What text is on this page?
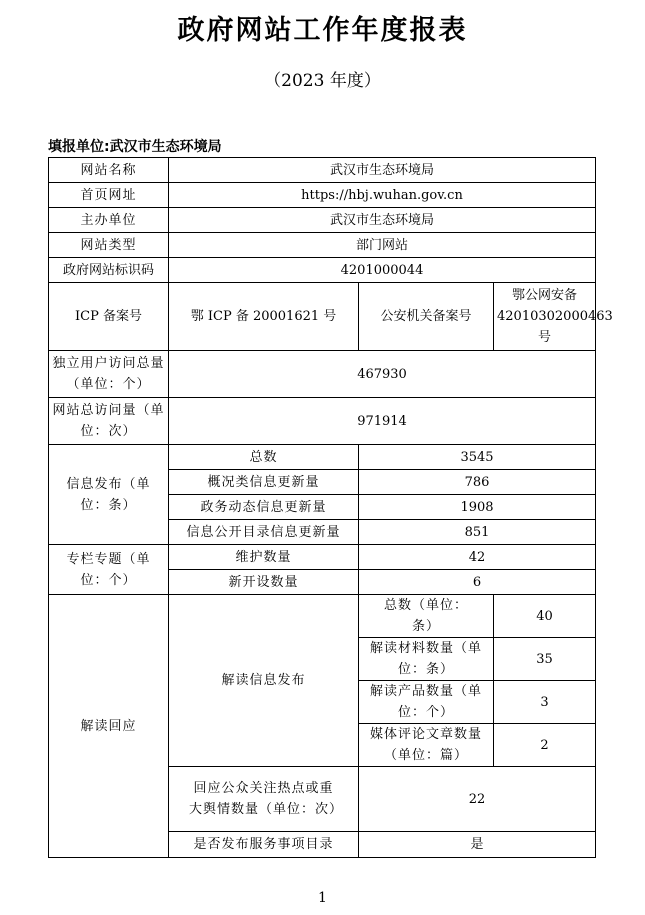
政府网站工作年度报表
（2023 年度）
填报单位:武汉市生态环境局
网站名称	武汉市生态环境局		
首页网址	https://hbj.wuhan.gov.cn		
主办单位	武汉市生态环境局		
网站类型	部门网站		
政府网站标识码	4201000044		
ICP 备案号	鄂 ICP 备 20001621 号	公安机关备案号	鄂公网安备42010302000463 号
独立用户访问总量（单位：个）	467930		
网站总访问量（单位：次）	971914		
信息发布（单位：条）	总数	3545	
	概况类信息更新量	786	
	政务动态信息更新量	1908	
	信息公开目录信息更新量	851	
专栏专题（单位：个）	维护数量	42	
	新开设数量	6	
解读回应	解读信息发布	总数（单位：条）	40
		解读材料数量（单位：条）	35
		解读产品数量（单位：个）	3
		媒体评论文章数量（单位：篇）	2
	回应公众关注热点或重大舆情数量（单位：次）	22	
	是否发布服务事项目录	是	
1
